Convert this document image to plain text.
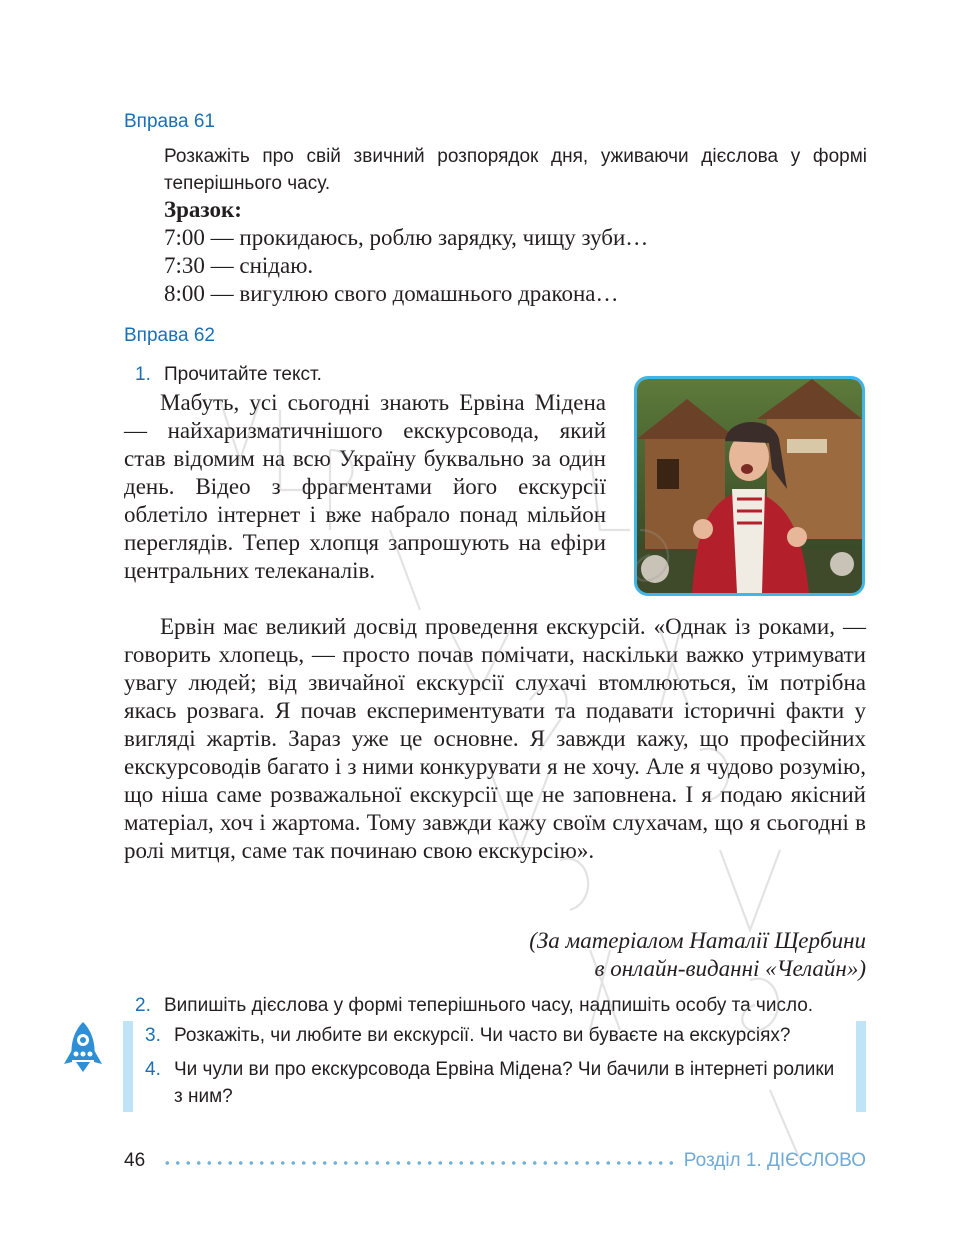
Вправа 61
Розкажіть про свій звичний розпорядок дня, уживаючи дієслова у формі теперішнього часу.
Зразок:
7:00 — прокидаюсь, роблю зарядку, чищу зуби…
7:30 — снідаю.
8:00 — вигулюю свого домашнього дракона…
Вправа 62
1. Прочитайте текст.
Мабуть, усі сьогодні знають Ервіна Мідена — найхаризматичнішого екскурсовода, який став відомим на всю Україну буквально за один день. Відео з фрагментами його екскурсії облетіло інтернет і вже набрало понад мільйон переглядів. Тепер хлопця запрошують на ефіри центральних телеканалів.
Ервін має великий досвід проведення екскурсій. «Однак із роками, — говорить хлопець, — просто почав помічати, наскільки важко утримувати увагу людей; від звичайної екскурсії слухачі втомлюються, їм потрібна якась розвага. Я почав експериментувати та подавати історичні факти у вигляді жартів. Зараз уже це основне. Я завжди кажу, що професійних екскурсоводів багато і з ними конкурувати я не хочу. Але я чудово розумію, що ніша саме розважальної екскурсії ще не заповнена. І я подаю якісний матеріал, хоч і жартома. Тому завжди кажу своїм слухачам, що я сьогодні в ролі митця, саме так починаю свою екскурсію».
(За матеріалом Наталії Щербини
в онлайн-виданні «Челайн»)
2. Випишіть дієслова у формі теперішнього часу, надпишіть особу та число.
3. Розкажіть, чи любите ви екскурсії. Чи часто ви буваєте на екскурсіях?
4. Чи чули ви про екскурсовода Ервіна Мідена? Чи бачили в інтернеті ролики з ним?
46	Розділ 1. ДІЄСЛОВО
